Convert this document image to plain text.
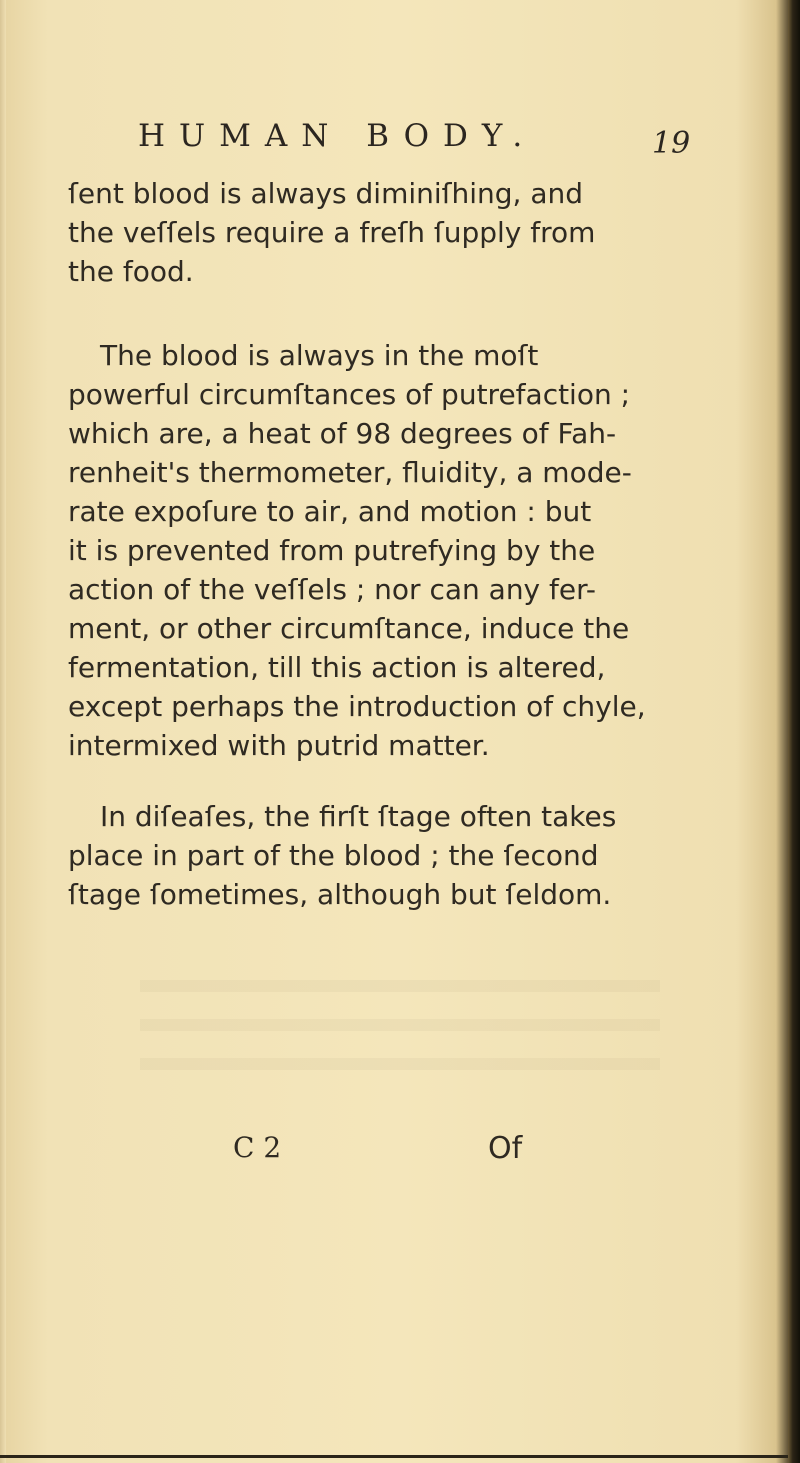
HUMAN BODY.	19
ſent blood is always diminiſhing, and
the veſſels require a freſh ſupply from
the food.
The blood is always in the moſt
powerful circumſtances of putrefaction ;
which are, a heat of 98 degrees of Fah-
renheit's thermometer, fluidity, a mode-
rate expoſure to air, and motion : but
it is prevented from putrefying by the
action of the veſſels ; nor can any fer-
ment, or other circumſtance, induce the
fermentation, till this action is altered,
except perhaps the introduction of chyle,
intermixed with putrid matter.
In diſeaſes, the firſt ſtage often takes
place in part of the blood ; the ſecond
ſtage ſometimes, although but ſeldom.
C 2	Of
